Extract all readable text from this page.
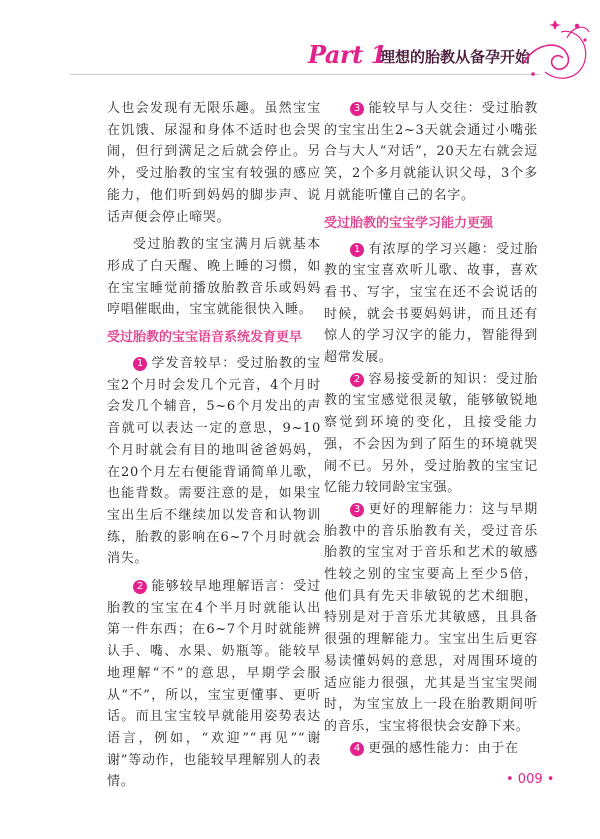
Part 1
理想的胎教从备孕开始

人也会发现有无限乐趣。虽然宝宝在饥饿、尿湿和身体不适时也会哭闹，但行到满足之后就会停止。另外，受过胎教的宝宝有较强的感应能力，他们听到妈妈的脚步声、说话声便会停止啼哭。

受过胎教的宝宝满月后就基本形成了白天醒、晚上睡的习惯，如在宝宝睡觉前播放胎教音乐或妈妈哼唱催眠曲，宝宝就能很快入睡。

受过胎教的宝宝语音系统发育更早

1 学发音较早：受过胎教的宝宝2个月时会发几个元音，4个月时会发几个辅音，5~6个月发出的声音就可以表达一定的意思，9~10个月时就会有目的地叫爸爸妈妈，在20个月左右便能背诵简单儿歌，也能背数。需要注意的是，如果宝宝出生后不继续加以发音和认物训练，胎教的影响在6~7个月时就会消失。

2 能够较早地理解语言：受过胎教的宝宝在4个半月时就能认出第一件东西；在6~7个月时就能辨认手、嘴、水果、奶瓶等。能较早地理解“不”的意思，早期学会服从“不”，所以，宝宝更懂事、更听话。而且宝宝较早就能用姿势表达语言，例如，“欢迎”“再见”“谢谢”等动作，也能较早理解别人的表情。

3 能较早与人交往：受过胎教的宝宝出生2~3天就会通过小嘴张合与大人“对话”，20天左右就会逗笑，2个多月就能认识父母，3个多月就能听懂自己的名字。

受过胎教的宝宝学习能力更强

1 有浓厚的学习兴趣：受过胎教的宝宝喜欢听儿歌、故事，喜欢看书、写字，宝宝在还不会说话的时候，就会书要妈妈讲，而且还有惊人的学习汉字的能力，智能得到超常发展。

2 容易接受新的知识：受过胎教的宝宝感觉很灵敏，能够敏锐地察觉到环境的变化，且接受能力强，不会因为到了陌生的环境就哭闹不已。另外，受过胎教的宝宝记忆能力较同龄宝宝强。

3 更好的理解能力：这与早期胎教中的音乐胎教有关，受过音乐胎教的宝宝对于音乐和艺术的敏感性较之别的宝宝要高上至少5倍，他们具有先天非敏锐的艺术细胞，特别是对于音乐尤其敏感，且具备很强的理解能力。宝宝出生后更容易读懂妈妈的意思，对周围环境的适应能力很强，尤其是当宝宝哭闹时，为宝宝放上一段在胎教期间听的音乐，宝宝将很快会安静下来。

4 更强的感性能力：由于在

• 009 •
